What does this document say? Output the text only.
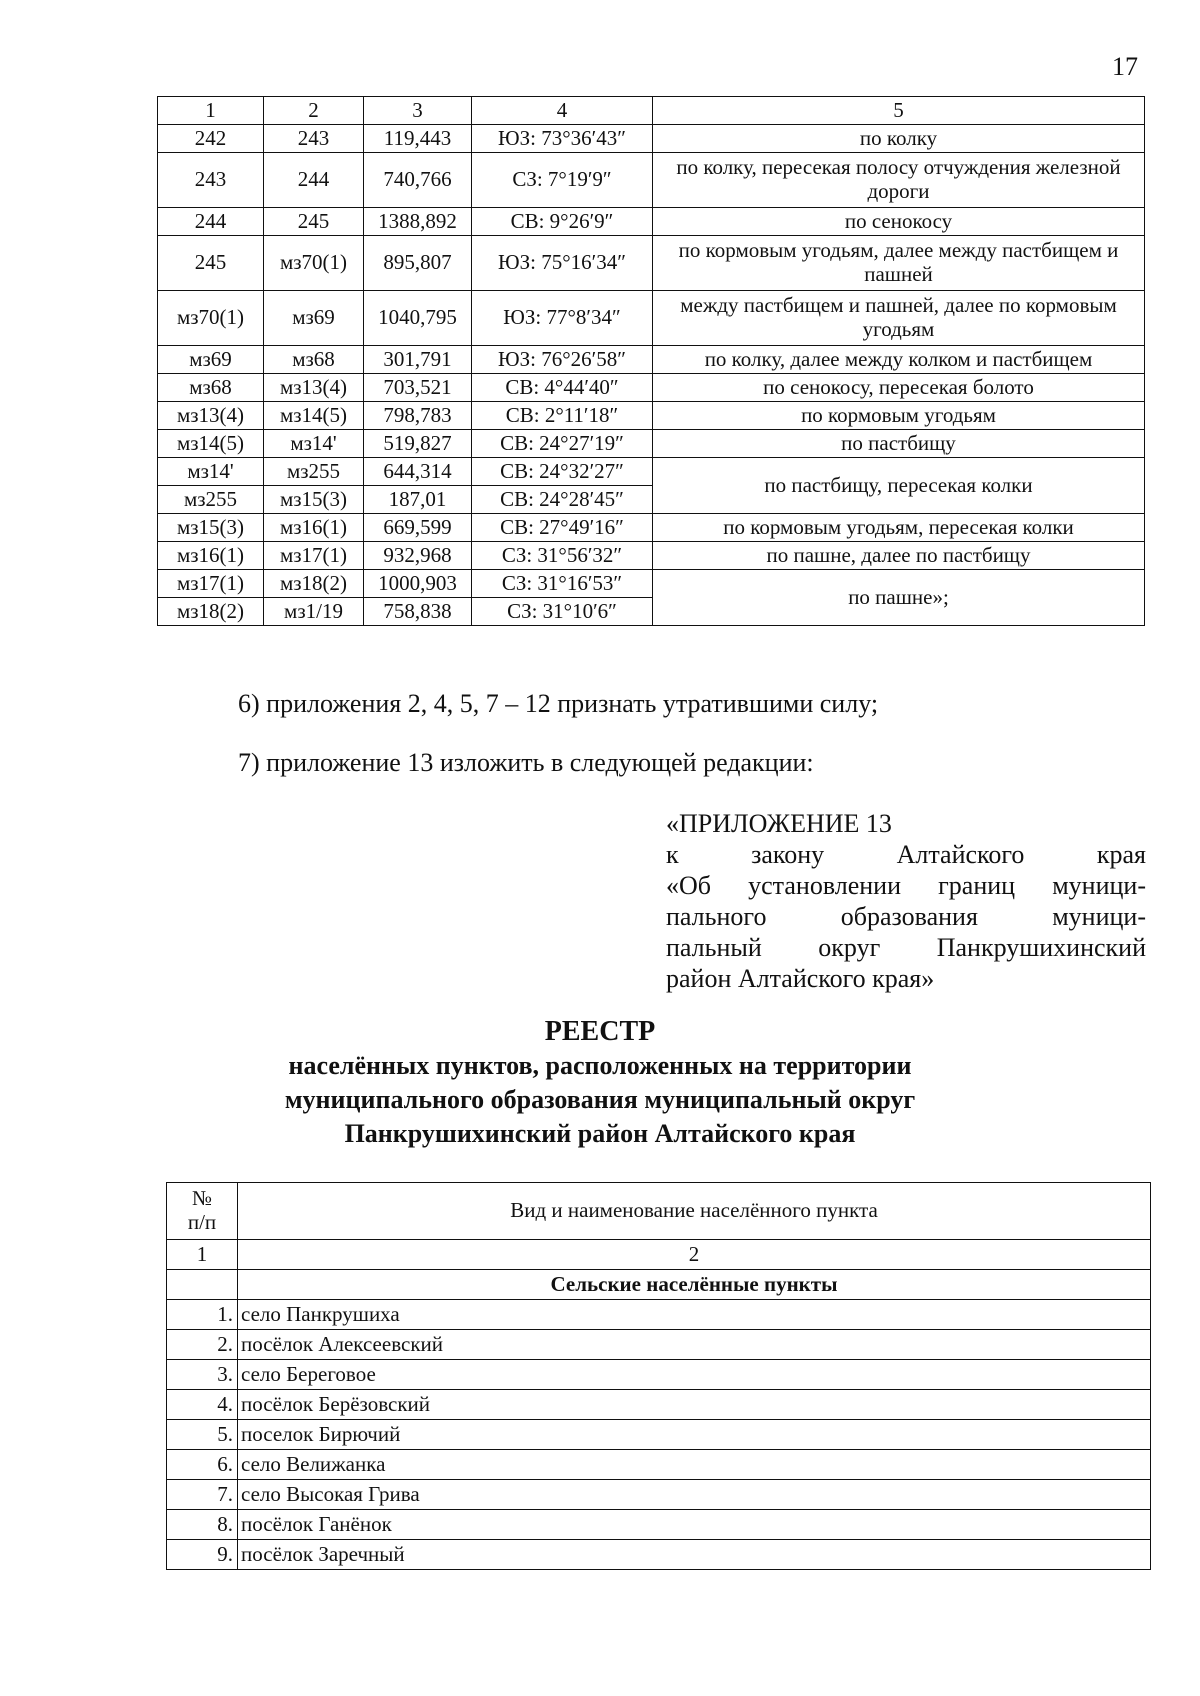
17
1	2	3	4	5
242	243	119,443	ЮЗ: 73°36′43″	по колку
243	244	740,766	СЗ: 7°19′9″	по колку, пересекая полосу отчуждения железной дороги
244	245	1388,892	СВ: 9°26′9″	по сенокосу
245	мз70(1)	895,807	ЮЗ: 75°16′34″	по кормовым угодьям, далее между пастбищем и пашней
мз70(1)	мз69	1040,795	ЮЗ: 77°8′34″	между пастбищем и пашней, далее по кормовым угодьям
мз69	мз68	301,791	ЮЗ: 76°26′58″	по колку, далее между колком и пастбищем
мз68	мз13(4)	703,521	СВ: 4°44′40″	по сенокосу, пересекая болото
мз13(4)	мз14(5)	798,783	СВ: 2°11′18″	по кормовым угодьям
мз14(5)	мз14'	519,827	СВ: 24°27′19″	по пастбищу
мз14'	мз255	644,314	СВ: 24°32′27″	по пастбищу, пересекая колки
мз255	мз15(3)	187,01	СВ: 24°28′45″	
мз15(3)	мз16(1)	669,599	СВ: 27°49′16″	по кормовым угодьям, пересекая колки
мз16(1)	мз17(1)	932,968	СЗ: 31°56′32″	по пашне, далее по пастбищу
мз17(1)	мз18(2)	1000,903	СЗ: 31°16′53″	по пашне»;
мз18(2)	мз1/19	758,838	СЗ: 31°10′6″	
6) приложения 2, 4, 5, 7 – 12 признать утратившими силу;
7) приложение 13 изложить в следующей редакции:
«ПРИЛОЖЕНИЕ 13
к закону Алтайского края
«Об установлении границ муници-
пального образования муници-
пальный округ Панкрушихинский
район Алтайского края»
РЕЕСТР
населённых пунктов, расположенных на территории
муниципального образования муниципальный округ
Панкрушихинский район Алтайского края
№
п/п	Вид и наименование населённого пункта
1	2
	Сельские населённые пункты
1.	село Панкрушиха
2.	посёлок Алексеевский
3.	село Береговое
4.	посёлок Берёзовский
5.	поселок Бирючий
6.	село Велижанка
7.	село Высокая Грива
8.	посёлок Ганёнок
9.	посёлок Заречный
